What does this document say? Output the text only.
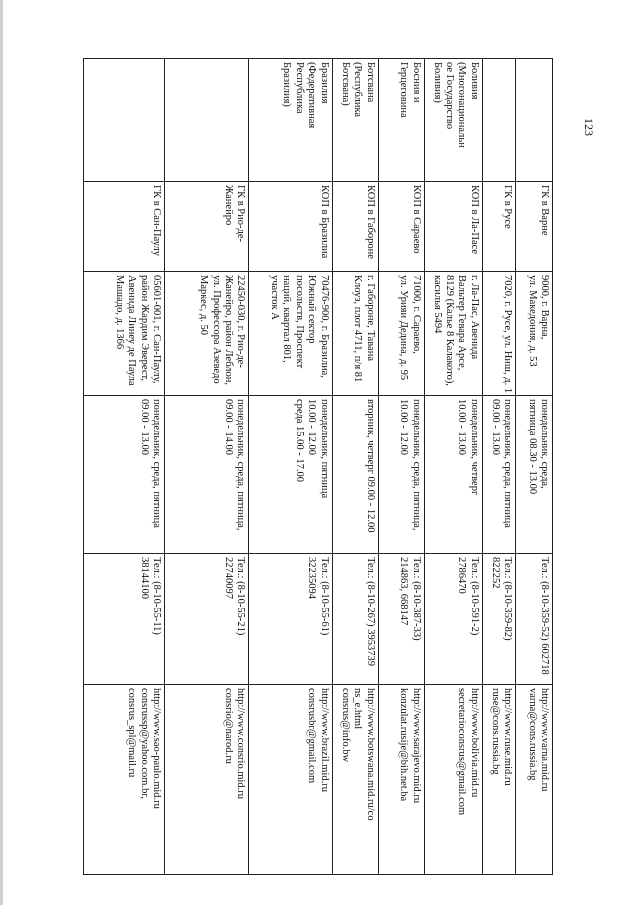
123

	ГК в Варне	9000, г. Варна,
ул. Македония, д. 53	понедельник, среда,
пятница 08.30 - 13.00	Тел.: (8-10-359-52) 602718	http://www.varna.mid.ru
varna@cons.russia.bg

	ГК в Русе	7020, г. Русе, ул. Ниш, д. 1	понедельник, среда, пятница
09.00 - 13.00	Тел.: (8-10-359-82)
822252	http://www.ruse.mid.ru
ruse@cons.russia.bg

Боливия
(Многонациональн
ое Государство
Боливия)	КОП в Ла-Пасе	г. Ла-Пас, Авенида
Вальтер Гевара Арсе,
8129 (Калье 8 Калакото),
касилья 5494	понедельник, четверг
10.00 - 13.00	Тел.: (8-10-591-2)
2786470	http://www.bolivia.mid.ru
secretarioconsrus@gmail.com

Босния и
Герцеговина	КОП в Сараево	71000, г. Сараево,
ул. Урияи Дедина, д. 95	понедельник, среда, пятница,
10.00 - 12.00	Тел.: (8-10-387-33)
214863, 668147	http://www.sarajevo.mid.ru
konzulat.rusije@bih.net.ba

Ботсвана
(Республика
Ботсвана)	КОП в Габороне	г. Габороне, Тавана
Клоуз, плот 4711, п/я 81	вторник, четверг 09.00 - 12.00	Тел.: (8-10-267) 3953739	http://www.botswana.mid.ru/co
ns_e.html
consrus@info.bw

Бразилия
(Федеративная
Республика
Бразилия)	КОП в Бразилиа	70476-900, г. Бразилиа,
Южный сектор
посольств, Проспект
наций, квартал 801,
участок А	понедельник, пятница
10.00 - 12.00
среда 15.00 - 17.00	Тел.: (8-10-55-61)
32235094	http://www.brazil.mid.ru
consrusbr@gmail.com

	ГК в Рио-де-
Жанейро	22450-030, г. Рио-де-
Жанейро, район Леблон,
ул. Профессора Азеведо
Маркес, д. 50	понедельник, среда, пятница,
09.00 - 14.00	Тел.: (8-10-55-21)
22740097	http://www.consrio.mid.ru
consrio@narod.ru

	ГК в Сан-Паулу	05601-001, г. Сан-Паулу,
район Жардим Эверест,
Авенида Линеу де Паула
Машадо, д. 1366	понедельник, среда, пятница
09.00 - 13.00	Тел.: (8-10-55-11)
38144100	http://www.sao-paulo.mid.ru
consrussp@yahoo.com.br,
consrus_spl@mail.ru
